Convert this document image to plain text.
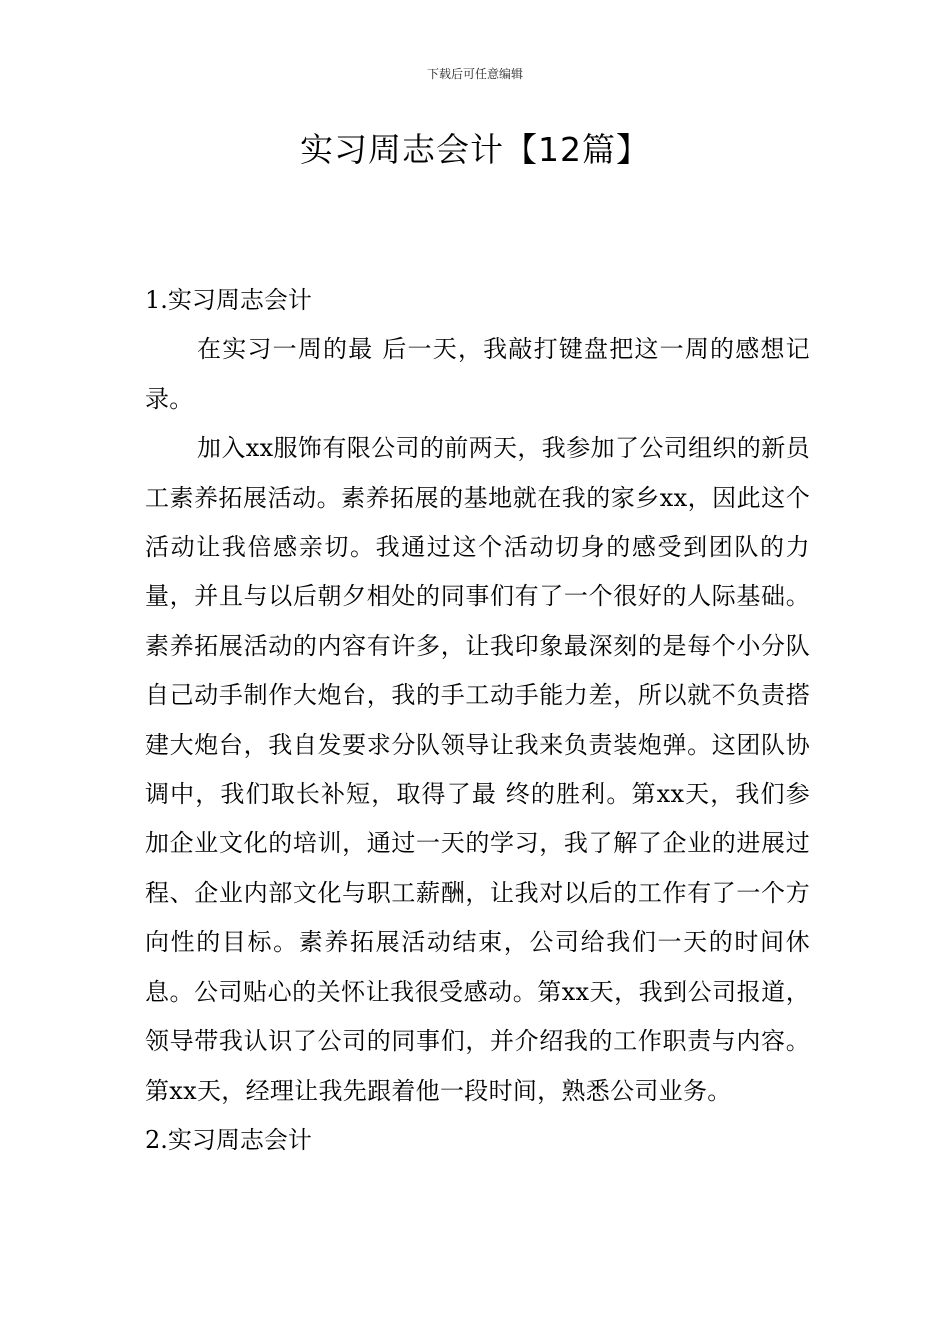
下载后可任意编辑
实习周志会计【12篇】
1.实习周志会计

在实习一周的最 后一天，我敲打键盘把这一周的感想记录。

加入xx服饰有限公司的前两天，我参加了公司组织的新员工素养拓展活动。素养拓展的基地就在我的家乡xx，因此这个活动让我倍感亲切。我通过这个活动切身的感受到团队的力量，并且与以后朝夕相处的同事们有了一个很好的人际基础。素养拓展活动的内容有许多，让我印象最深刻的是每个小分队自己动手制作大炮台，我的手工动手能力差，所以就不负责搭建大炮台，我自发要求分队领导让我来负责装炮弹。这团队协调中，我们取长补短，取得了最 终的胜利。第xx天，我们参加企业文化的培训，通过一天的学习，我了解了企业的进展过程、企业内部文化与职工薪酬，让我对以后的工作有了一个方向性的目标。素养拓展活动结束，公司给我们一天的时间休息。公司贴心的关怀让我很受感动。第xx天，我到公司报道，领导带我认识了公司的同事们，并介绍我的工作职责与内容。第xx天，经理让我先跟着他一段时间，熟悉公司业务。

2.实习周志会计
